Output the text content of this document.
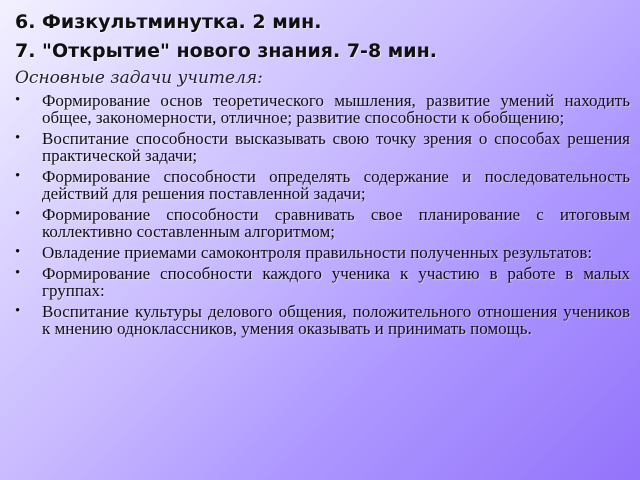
6. Физкультминутка. 2 мин.
7. "Открытие" нового знания. 7-8 мин.
Основные задачи учителя:
•	Формирование основ теоретического мышления, развитие умений находить общее, закономерности, отличное; развитие способности к обобщению;
•	Воспитание способности высказывать свою точку зрения о способах решения практической задачи;
•	Формирование способности определять содержание и последовательность действий для решения поставленной задачи;
•	Формирование способности сравнивать свое планирование с итоговым коллективно составленным алгоритмом;
•	Овладение приемами самоконтроля правильности полученных результатов:
•	Формирование способности каждого ученика к участию в работе в малых группах:
•	Воспитание культуры делового общения, положительного отношения учеников к мнению одноклассников, умения оказывать и принимать помощь.
